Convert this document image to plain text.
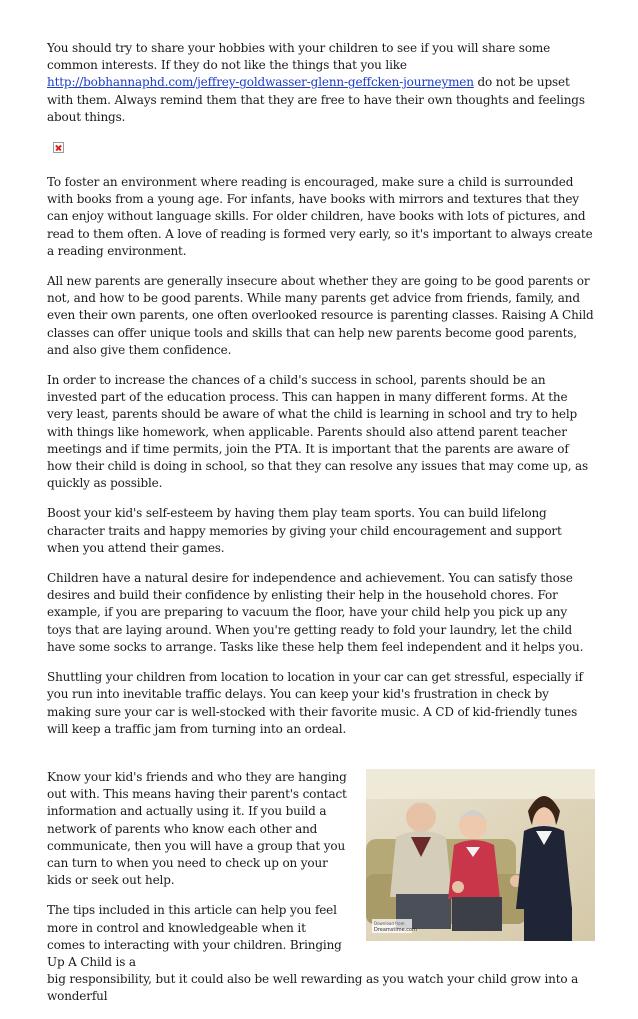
You should try to share your hobbies with your children to see if you will share some common interests. If they do not like the things that you like http://bobhannaphd.com/jeffrey-goldwasser-glenn-geffcken-journeymen do not be upset with them. Always remind them that they are free to have their own thoughts and feelings about things.

To foster an environment where reading is encouraged, make sure a child is surrounded with books from a young age. For infants, have books with mirrors and textures that they can enjoy without language skills. For older children, have books with lots of pictures, and read to them often. A love of reading is formed very early, so it's important to always create a reading environment.

All new parents are generally insecure about whether they are going to be good parents or not, and how to be good parents. While many parents get advice from friends, family, and even their own parents, one often overlooked resource is parenting classes. Raising A Child classes can offer unique tools and skills that can help new parents become good parents, and also give them confidence.

In order to increase the chances of a child's success in school, parents should be an invested part of the education process. This can happen in many different forms. At the very least, parents should be aware of what the child is learning in school and try to help with things like homework, when applicable. Parents should also attend parent teacher meetings and if time permits, join the PTA. It is important that the parents are aware of how their child is doing in school, so that they can resolve any issues that may come up, as quickly as possible.

Boost your kid's self-esteem by having them play team sports. You can build lifelong character traits and happy memories by giving your child encouragement and support when you attend their games.

Children have a natural desire for independence and achievement. You can satisfy those desires and build their confidence by enlisting their help in the household chores. For example, if you are preparing to vacuum the floor, have your child help you pick up any toys that are laying around. When you're getting ready to fold your laundry, let the child have some socks to arrange. Tasks like these help them feel independent and it helps you.

Shuttling your children from location to location in your car can get stressful, especially if you run into inevitable traffic delays. You can keep your kid's frustration in check by making sure your car is well-stocked with their favorite music. A CD of kid-friendly tunes will keep a traffic jam from turning into an ordeal.

Download from
Dreamstime.com

Know your kid's friends and who they are hanging out with. This means having their parent's contact information and actually using it. If you build a network of parents who know each other and communicate, then you will have a group that you can turn to when you need to check up on your kids or seek out help.

The tips included in this article can help you feel more in control and knowledgeable when it comes to interacting with your children. Bringing Up A Child is a

big responsibility, but it could also be well rewarding as you watch your child grow into a wonderful
